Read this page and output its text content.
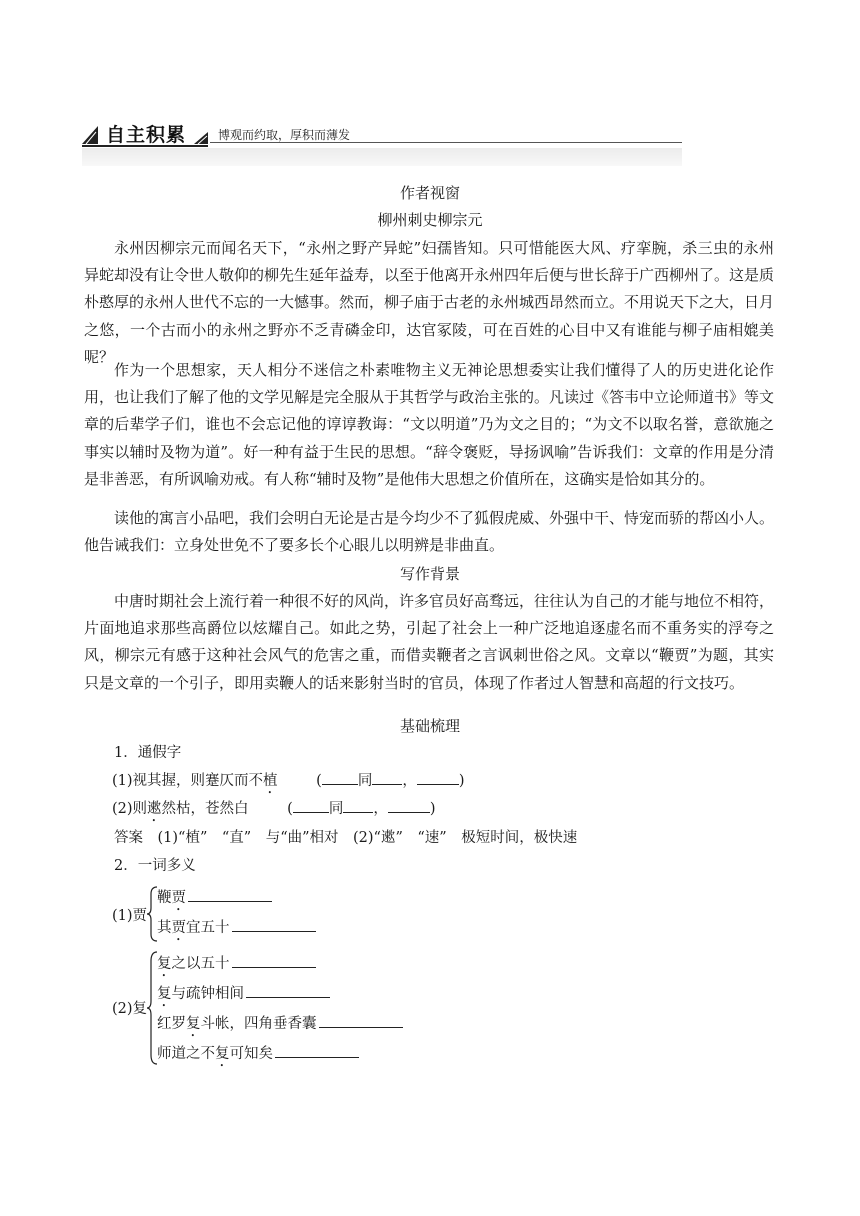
自主积累	博观而约取，厚积而薄发
作者视窗
柳州刺史柳宗元

永州因柳宗元而闻名天下，“永州之野产异蛇”妇孺皆知。只可惜能医大风、疗挛腕，杀三虫的永州异蛇却没有让令世人敬仰的柳先生延年益寿，以至于他离开永州四年后便与世长辞于广西柳州了。这是质朴憨厚的永州人世代不忘的一大憾事。然而，柳子庙于古老的永州城西昂然而立。不用说天下之大，日月之悠，一个古而小的永州之野亦不乏青磷金印，达官冢陵，可在百姓的心目中又有谁能与柳子庙相媲美呢？

作为一个思想家，天人相分不迷信之朴素唯物主义无神论思想委实让我们懂得了人的历史进化论作用，也让我们了解了他的文学见解是完全服从于其哲学与政治主张的。凡读过《答韦中立论师道书》等文章的后辈学子们，谁也不会忘记他的谆谆教诲：“文以明道”乃为文之目的；“为文不以取名誉，意欲施之事实以辅时及物为道”。好一种有益于生民的思想。“辞令褒贬，导扬讽喻”告诉我们：文章的作用是分清是非善恶，有所讽喻劝戒。有人称“辅时及物”是他伟大思想之价值所在，这确实是恰如其分的。

读他的寓言小品吧，我们会明白无论是古是今均少不了狐假虎威、外强中干、恃宠而骄的帮凶小人。他告诫我们：立身处世免不了要多长个心眼儿以明辨是非曲直。

写作背景

中唐时期社会上流行着一种很不好的风尚，许多官员好高骛远，往往认为自己的才能与地位不相符，片面地追求那些高爵位以炫耀自己。如此之势，引起了社会上一种广泛地追逐虚名而不重务实的浮夸之风，柳宗元有感于这种社会风气的危害之重，而借卖鞭者之言讽刺世俗之风。文章以“鞭贾”为题，其实只是文章的一个引子，即用卖鞭人的话来影射当时的官员，体现了作者过人智慧和高超的行文技巧。

基础梳理
1．通假字
(1)视其握，则蹇仄而不植	( 同 ，	)
(2)则遬然枯，苍然白	( 同 ，	)
答案　(1)“植”　“直”　与“曲”相对　(2)“遬”　“速”　极短时间，极快速
2．一词多义
(1)贾
鞭贾
其贾宜五十
(2)复
复之以五十
复与疏钟相间
红罗复斗帐，四角垂香囊
师道之不复可知矣
